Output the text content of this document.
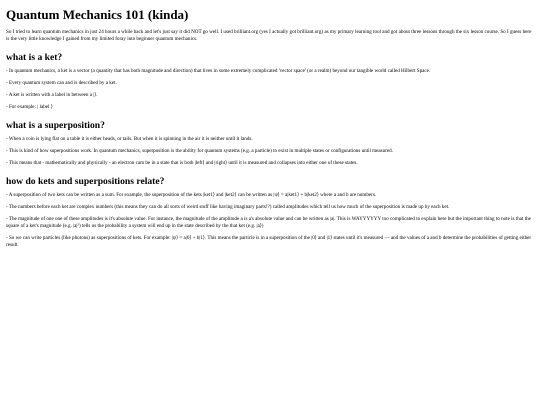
Quantum Mechanics 101 (kinda)

So I tried to learn quantum mechanics in just 24 hours a while back and let's just say it did NOT go well. I used brilliant.org (yes I actually got brilliant.org) as my primary learning tool and got about three lessons through the six lesson course. So I guess here is the very little knowledge I gained from my limited foray into beginner quantum mechanics.

what is a ket?

- In quantum mechanics, a ket is a vector (a quantity that has both magnitude and direction) that lives in some extremely complicated 'vector space' (or a realm) beyond our tangible world called Hilbert Space.

- Every quantum system can and is described by a ket.

- A ket is written with a label in between a |⟩.

- For example: | label ⟩

what is a superposition?

- When a coin is lying flat on a table it is either heads, or tails. But when it is spinning in the air it is neither until it lands.

- This is kind of how superpositions work. In quantum mechanics, superposition is the ability for quantum systems (e.g. a particle) to exist in multiple states or configurations until measured.

- This means that - mathematically and physically - an electron cam be in a state that is both |left⟩ and |right⟩ until it is measured and collapses into either one of these states.

how do kets and superpositions relate?

- A superposition of two kets can be written as a sum. For example, the superposition of the kets |ket1⟩ and |ket2⟩ can be written as |ψ⟩ = a|ket1⟩ + b|ket2⟩ where a and b are numbers.

- The numbers before each ket are complex numbers (this means they can do all sorts of weird stuff like having imaginary parts!?) called amplitudes which tell us how much of the superposition is made up by each ket.

- The magnitude of one one of these amplitudes is it's absolute value. For instance, the magnitude of the amplitude a is a's absolute value and can be written as |a|. This is WAYYYYYY too complicated to explain here but the important thing to note is that the square of a ket's magnitude (e.g. |a|²) tells us the probability a system will end up in the state described by the that ket (e.g. |a⟩)

- So we can write particles (like photons) as superpositions of kets. For example: |ψ⟩ = a|0⟩ + b|1⟩. This means the particle is in a superposition of the |0⟩ and |1⟩ states until it's measured — and the values of a and b determine the probabilities of getting either result.
